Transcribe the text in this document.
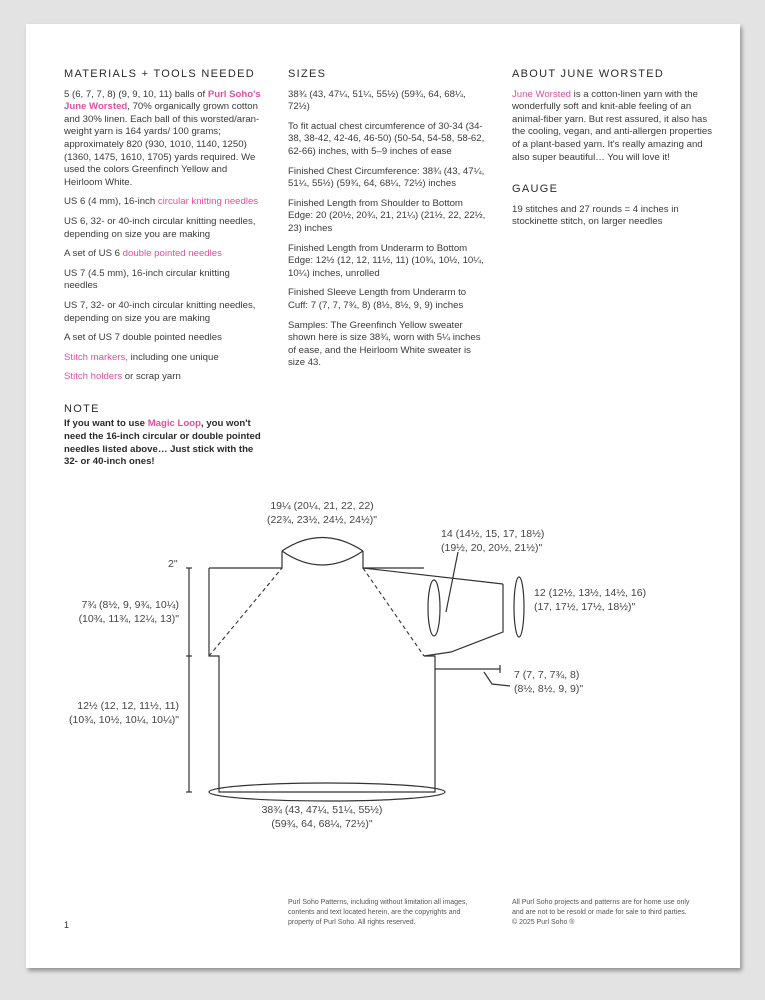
MATERIALS + TOOLS NEEDED

5 (6, 7, 7, 8) (9, 9, 10, 11) balls of Purl Soho's June Worsted, 70% organically grown cotton and 30% linen. Each ball of this worsted/aran-weight yarn is 164 yards/ 100 grams; approximately 820 (930, 1010, 1140, 1250) (1360, 1475, 1610, 1705) yards required. We used the colors Greenfinch Yellow and Heirloom White.

US 6 (4 mm), 16-inch circular knitting needles

US 6, 32- or 40-inch circular knitting needles, depending on size you are making

A set of US 6 double pointed needles

US 7 (4.5 mm), 16-inch circular knitting needles

US 7, 32- or 40-inch circular knitting needles, depending on size you are making

A set of US 7 double pointed needles

Stitch markers, including one unique

Stitch holders or scrap yarn

NOTE

If you want to use Magic Loop, you won't need the 16-inch circular or double pointed needles listed above… Just stick with the 32- or 40-inch ones!

SIZES

38¾ (43, 47¼, 51¼, 55½) (59¾, 64, 68¼, 72½)

To fit actual chest circumference of 30-34 (34-38, 38-42, 42-46, 46-50) (50-54, 54-58, 58-62, 62-66) inches, with 5–9 inches of ease

Finished Chest Circumference: 38¾ (43, 47¼, 51¼, 55½) (59¾, 64, 68¼, 72½) inches

Finished Length from Shoulder to Bottom Edge: 20 (20½, 20¾, 21, 21¼) (21½, 22, 22½, 23) inches

Finished Length from Underarm to Bottom Edge: 12½ (12, 12, 11½, 11) (10¾, 10½, 10¼, 10¼) inches, unrolled

Finished Sleeve Length from Underarm to Cuff: 7 (7, 7, 7¾, 8) (8½, 8½, 9, 9) inches

Samples: The Greenfinch Yellow sweater shown here is size 38¾, worn with 5¼ inches of ease, and the Heirloom White sweater is size 43.

ABOUT JUNE WORSTED

June Worsted is a cotton-linen yarn with the wonderfully soft and knit-able feeling of an animal-fiber yarn. But rest assured, it also has the cooling, vegan, and anti-allergen properties of a plant-based yarn. It's really amazing and also super beautiful… You will love it!

GAUGE

19 stitches and 27 rounds = 4 inches in stockinette stitch, on larger needles

19¼ (20¼, 21, 22, 22)
(22¾, 23½, 24½, 24½)"
14 (14½, 15, 17, 18½)
(19½, 20, 20½, 21½)"
12 (12½, 13½, 14½, 16)
(17, 17½, 17½, 18½)"
2"
7¾ (8½, 9, 9¾, 10¼)
(10¾, 11¾, 12¼, 13)"
12½ (12, 12, 11½, 11)
(10¾, 10½, 10¼, 10¼)"
7 (7, 7, 7¾, 8)
(8½, 8½, 9, 9)"
38¾ (43, 47¼, 51¼, 55½)
(59¾, 64, 68¼, 72½)"
1
Purl Soho Patterns, including without limitation all images,
contents and text located herein, are the copyrights and
property of Purl Soho. All rights reserved.
All Purl Soho projects and patterns are for home use only
and are not to be resold or made for sale to third parties.
© 2025 Purl Soho ®
